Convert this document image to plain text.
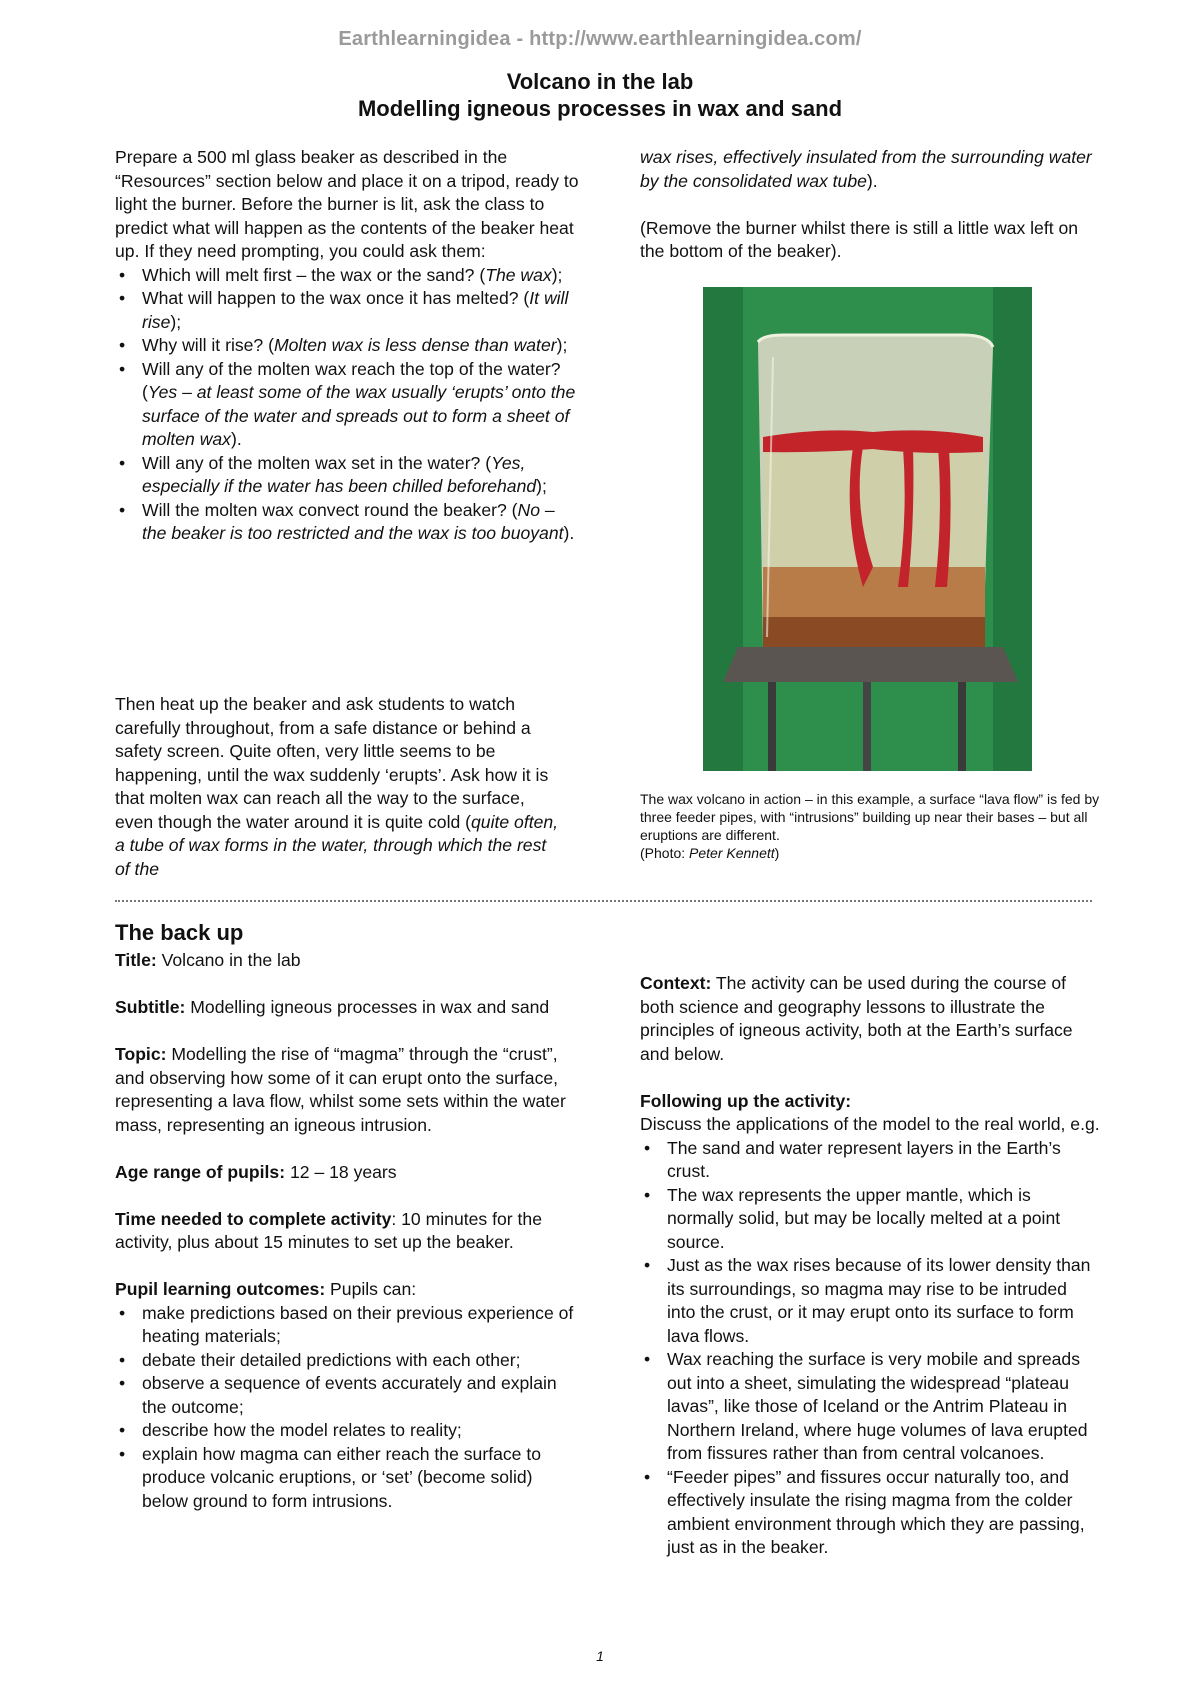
Earthlearningidea - http://www.earthlearningidea.com/
Volcano in the lab
Modelling igneous processes in wax and sand

Prepare a 500 ml glass beaker as described in the “Resources” section below and place it on a tripod, ready to light the burner. Before the burner is lit, ask the class to predict what will happen as the contents of the beaker heat up. If they need prompting, you could ask them:

• Which will melt first – the wax or the sand? (The wax);
• What will happen to the wax once it has melted? (It will rise);
• Why will it rise? (Molten wax is less dense than water);
• Will any of the molten wax reach the top of the water? (Yes – at least some of the wax usually ‘erupts’ onto the surface of the water and spreads out to form a sheet of molten wax).
• Will any of the molten wax set in the water? (Yes, especially if the water has been chilled beforehand);
• Will the molten wax convect round the beaker? (No – the beaker is too restricted and the wax is too buoyant).

Then heat up the beaker and ask students to watch carefully throughout, from a safe distance or behind a safety screen. Quite often, very little seems to be happening, until the wax suddenly ‘erupts’. Ask how it is that molten wax can reach all the way to the surface, even though the water around it is quite cold (quite often, a tube of wax forms in the water, through which the rest of the

wax rises, effectively insulated from the surrounding water by the consolidated wax tube).

(Remove the burner whilst there is still a little wax left on the bottom of the beaker).

The wax volcano in action – in this example, a surface “lava flow” is fed by three feeder pipes, with “intrusions” building up near their bases – but all eruptions are different.
(Photo: Peter Kennett)
The back up

Title: Volcano in the lab

Subtitle: Modelling igneous processes in wax and sand

Topic: Modelling the rise of “magma” through the “crust”, and observing how some of it can erupt onto the surface, representing a lava flow, whilst some sets within the water mass, representing an igneous intrusion.

Age range of pupils: 12 – 18 years

Time needed to complete activity: 10 minutes for the activity, plus about 15 minutes to set up the beaker.

Pupil learning outcomes: Pupils can:

• make predictions based on their previous experience of heating materials;
• debate their detailed predictions with each other;
• observe a sequence of events accurately and explain the outcome;
• describe how the model relates to reality;
• explain how magma can either reach the surface to produce volcanic eruptions, or ‘set’ (become solid) below ground to form intrusions.

Context: The activity can be used during the course of both science and geography lessons to illustrate the principles of igneous activity, both at the Earth’s surface and below.

Following up the activity:

Discuss the applications of the model to the real world, e.g.

• The sand and water represent layers in the Earth’s crust.
• The wax represents the upper mantle, which is normally solid, but may be locally melted at a point source.
• Just as the wax rises because of its lower density than its surroundings, so magma may rise to be intruded into the crust, or it may erupt onto its surface to form lava flows.
• Wax reaching the surface is very mobile and spreads out into a sheet, simulating the widespread “plateau lavas”, like those of Iceland or the Antrim Plateau in Northern Ireland, where huge volumes of lava erupted from fissures rather than from central volcanoes.
• “Feeder pipes” and fissures occur naturally too, and effectively insulate the rising magma from the colder ambient environment through which they are passing, just as in the beaker.
1
